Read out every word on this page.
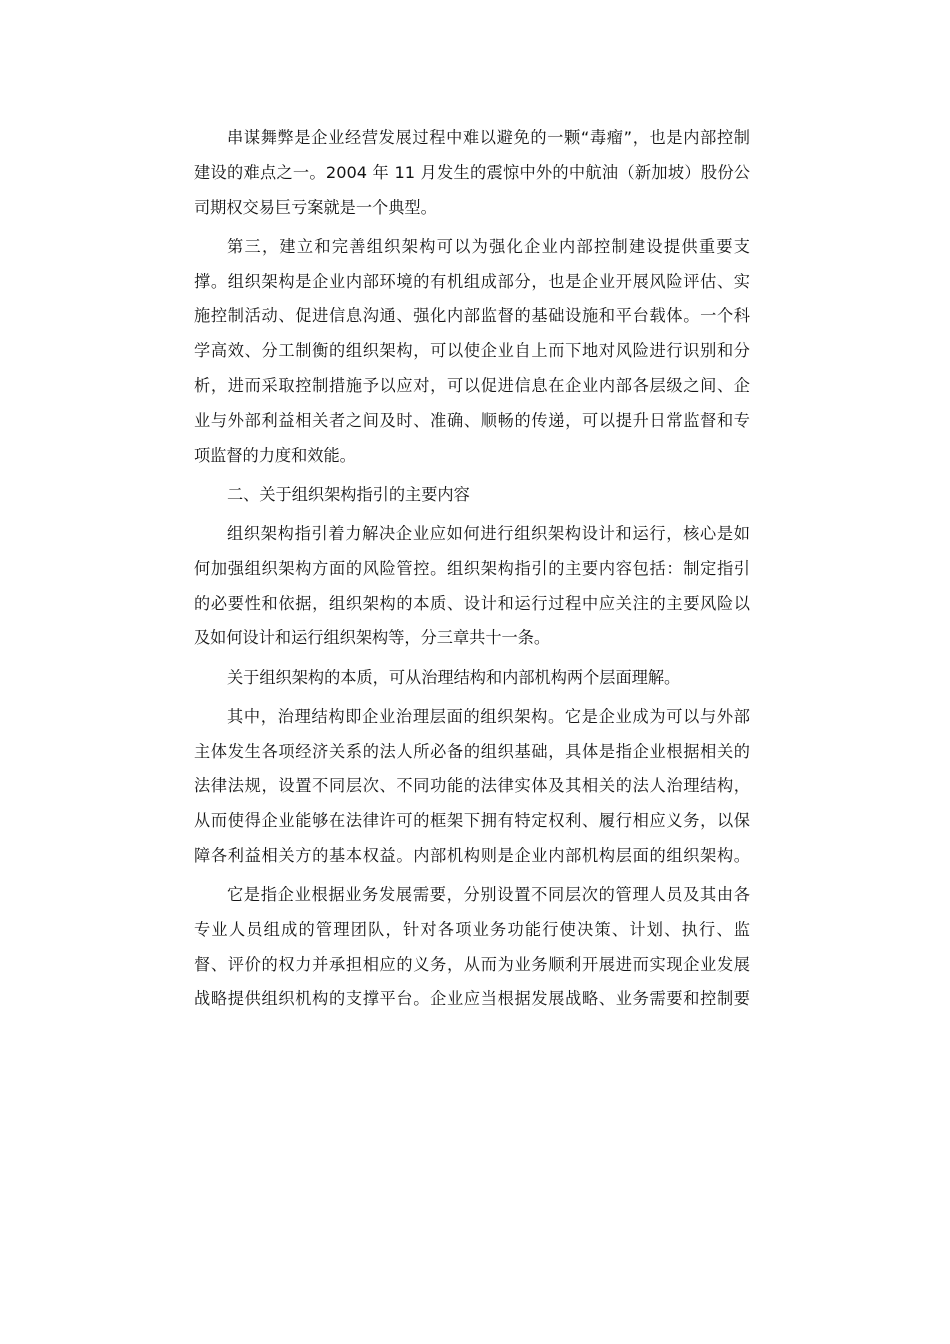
串谋舞弊是企业经营发展过程中难以避免的一颗“毒瘤”，也是内部控制
建设的难点之一。2004 年 11 月发生的震惊中外的中航油（新加坡）股份公
司期权交易巨亏案就是一个典型。
第三，建立和完善组织架构可以为强化企业内部控制建设提供重要支
撑。组织架构是企业内部环境的有机组成部分，也是企业开展风险评估、实
施控制活动、促进信息沟通、强化内部监督的基础设施和平台载体。一个科
学高效、分工制衡的组织架构，可以使企业自上而下地对风险进行识别和分
析，进而采取控制措施予以应对，可以促进信息在企业内部各层级之间、企
业与外部利益相关者之间及时、准确、顺畅的传递，可以提升日常监督和专
项监督的力度和效能。
二、关于组织架构指引的主要内容
组织架构指引着力解决企业应如何进行组织架构设计和运行，核心是如
何加强组织架构方面的风险管控。组织架构指引的主要内容包括：制定指引
的必要性和依据，组织架构的本质、设计和运行过程中应关注的主要风险以
及如何设计和运行组织架构等，分三章共十一条。
关于组织架构的本质，可从治理结构和内部机构两个层面理解。
其中，治理结构即企业治理层面的组织架构。它是企业成为可以与外部
主体发生各项经济关系的法人所必备的组织基础，具体是指企业根据相关的
法律法规，设置不同层次、不同功能的法律实体及其相关的法人治理结构，
从而使得企业能够在法律许可的框架下拥有特定权利、履行相应义务，以保
障各利益相关方的基本权益。内部机构则是企业内部机构层面的组织架构。
它是指企业根据业务发展需要，分别设置不同层次的管理人员及其由各
专业人员组成的管理团队，针对各项业务功能行使决策、计划、执行、监
督、评价的权力并承担相应的义务，从而为业务顺利开展进而实现企业发展
战略提供组织机构的支撑平台。企业应当根据发展战略、业务需要和控制要
